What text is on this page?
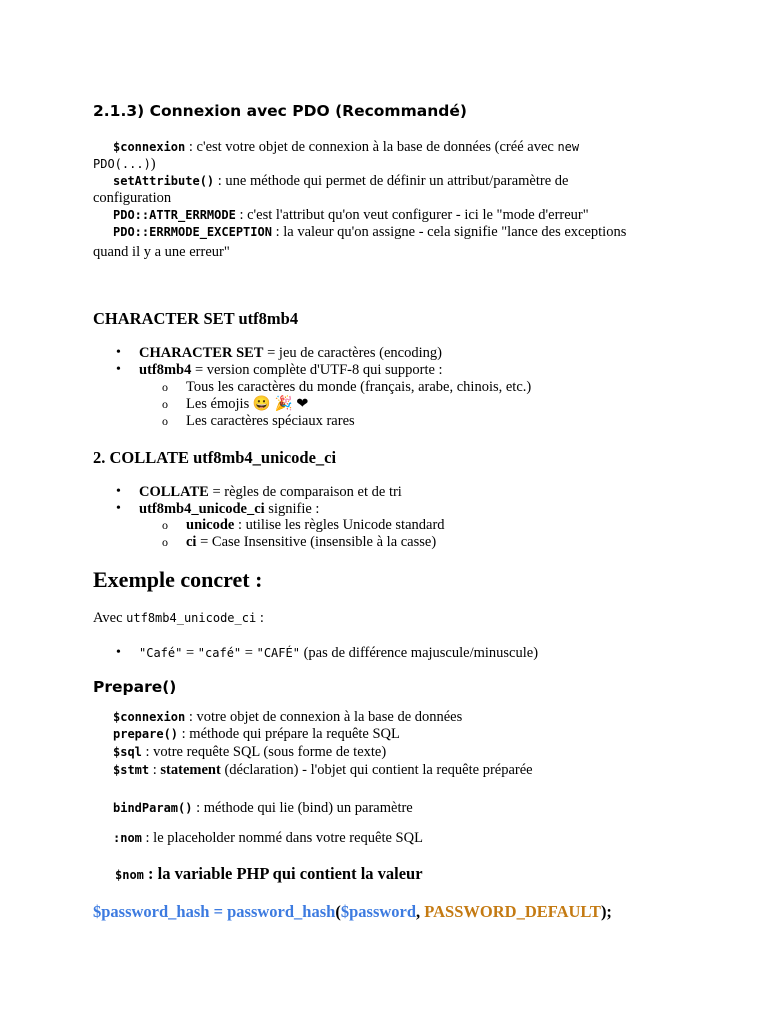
2.1.3) Connexion avec PDO (Recommandé)
$connexion : c'est votre objet de connexion à la base de données (créé avec new
PDO(...))
setAttribute() : une méthode qui permet de définir un attribut/paramètre de
configuration
PDO::ATTR_ERRMODE : c'est l'attribut qu'on veut configurer - ici le "mode d'erreur"
PDO::ERRMODE_EXCEPTION : la valeur qu'on assigne - cela signifie "lance des exceptions
quand il y a une erreur"
CHARACTER SET utf8mb4
• CHARACTER SET = jeu de caractères (encoding)
• utf8mb4 = version complète d'UTF-8 qui supporte :
o Tous les caractères du monde (français, arabe, chinois, etc.)
o Les émojis 😀 🎉 ❤
o Les caractères spéciaux rares
2. COLLATE utf8mb4_unicode_ci
• COLLATE = règles de comparaison et de tri
• utf8mb4_unicode_ci signifie :
o unicode : utilise les règles Unicode standard
o ci = Case Insensitive (insensible à la casse)
Exemple concret :
Avec utf8mb4_unicode_ci :
• "Café" = "café" = "CAFÉ" (pas de différence majuscule/minuscule)
Prepare()
$connexion : votre objet de connexion à la base de données
prepare() : méthode qui prépare la requête SQL
$sql : votre requête SQL (sous forme de texte)
$stmt : statement (déclaration) - l'objet qui contient la requête préparée
bindParam() : méthode qui lie (bind) un paramètre
:nom : le placeholder nommé dans votre requête SQL
$nom : la variable PHP qui contient la valeur
$password_hash = password_hash($password, PASSWORD_DEFAULT);
